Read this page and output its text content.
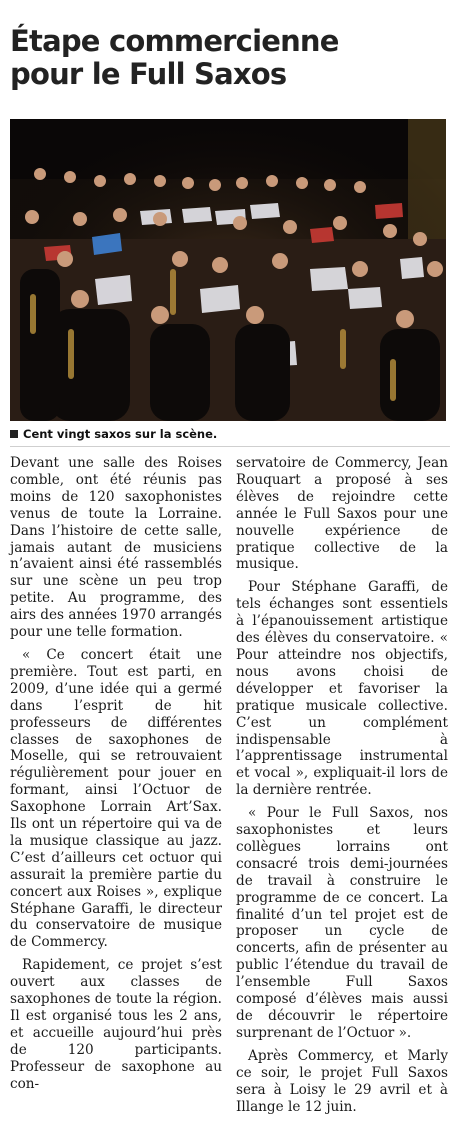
Étape commercienne
pour le Full Saxos
Cent vingt saxos sur la scène.

Devant une salle des Roises comble, ont été réunis pas moins de 120 saxophonistes venus de toute la Lorraine. Dans l’histoire de cette salle, jamais autant de musiciens n’avaient ainsi été rassemblés sur une scène un peu trop petite. Au programme, des airs des années 1970 arrangés pour une telle formation.

« Ce concert était une première. Tout est parti, en 2009, d’une idée qui a germé dans l’esprit de hit professeurs de différentes classes de saxophones de Moselle, qui se retrouvaient régulièrement pour jouer en formant, ainsi l’Octuor de Saxophone Lorrain Art’Sax. Ils ont un répertoire qui va de la musique classique au jazz. C’est d’ailleurs cet octuor qui assurait la première partie du concert aux Roises », explique Stéphane Garaffi, le directeur du conservatoire de musique de Commercy.

Rapidement, ce projet s’est ouvert aux classes de saxophones de toute la région. Il est organisé tous les 2 ans, et accueille aujourd’hui près de 120 participants. Professeur de saxophone au con-

servatoire de Commercy, Jean Rouquart a proposé à ses élèves de rejoindre cette année le Full Saxos pour une nouvelle expérience de pratique collective de la musique.

Pour Stéphane Garaffi, de tels échanges sont essentiels à l’épanouissement artistique des élèves du conservatoire. « Pour atteindre nos objectifs, nous avons choisi de développer et favoriser la pratique musicale collective. C’est un complément indispensable à l’apprentissage instrumental et vocal », expliquait-il lors de la dernière rentrée.

« Pour le Full Saxos, nos saxophonistes et leurs collègues lorrains ont consacré trois demi-journées de travail à construire le programme de ce concert. La finalité d’un tel projet est de proposer un cycle de concerts, afin de présenter au public l’étendue du travail de l’ensemble Full Saxos composé d’élèves mais aussi de découvrir le répertoire surprenant de l’Octuor ».

Après Commercy, et Marly ce soir, le projet Full Saxos sera à Loisy le 29 avril et à Illange le 12 juin.
